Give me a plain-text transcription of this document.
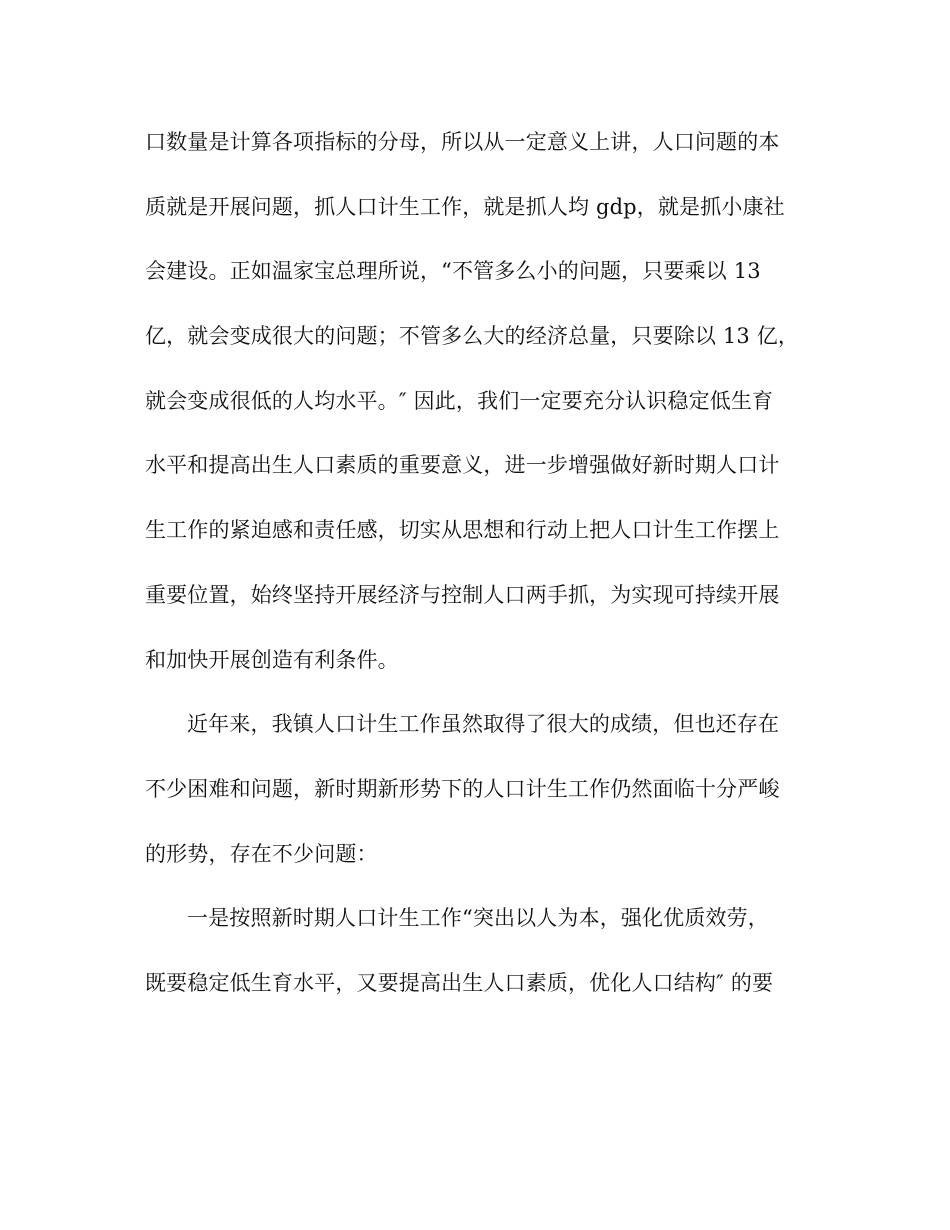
口数量是计算各项指标的分母，所以从一定意义上讲，人口问题的本
质就是开展问题，抓人口计生工作，就是抓人均 gdp，就是抓小康社
会建设。正如温家宝总理所说，“不管多么小的问题，只要乘以 13
亿，就会变成很大的问题；不管多么大的经济总量，只要除以 13 亿，
就会变成很低的人均水平。″ 因此，我们一定要充分认识稳定低生育
水平和提高出生人口素质的重要意义，进一步增强做好新时期人口计
生工作的紧迫感和责任感，切实从思想和行动上把人口计生工作摆上
重要位置，始终坚持开展经济与控制人口两手抓，为实现可持续开展
和加快开展创造有利条件。
近年来，我镇人口计生工作虽然取得了很大的成绩，但也还存在
不少困难和问题，新时期新形势下的人口计生工作仍然面临十分严峻
的形势，存在不少问题：
一是按照新时期人口计生工作“突出以人为本，强化优质效劳，
既要稳定低生育水平，又要提高出生人口素质，优化人口结构″ 的要
